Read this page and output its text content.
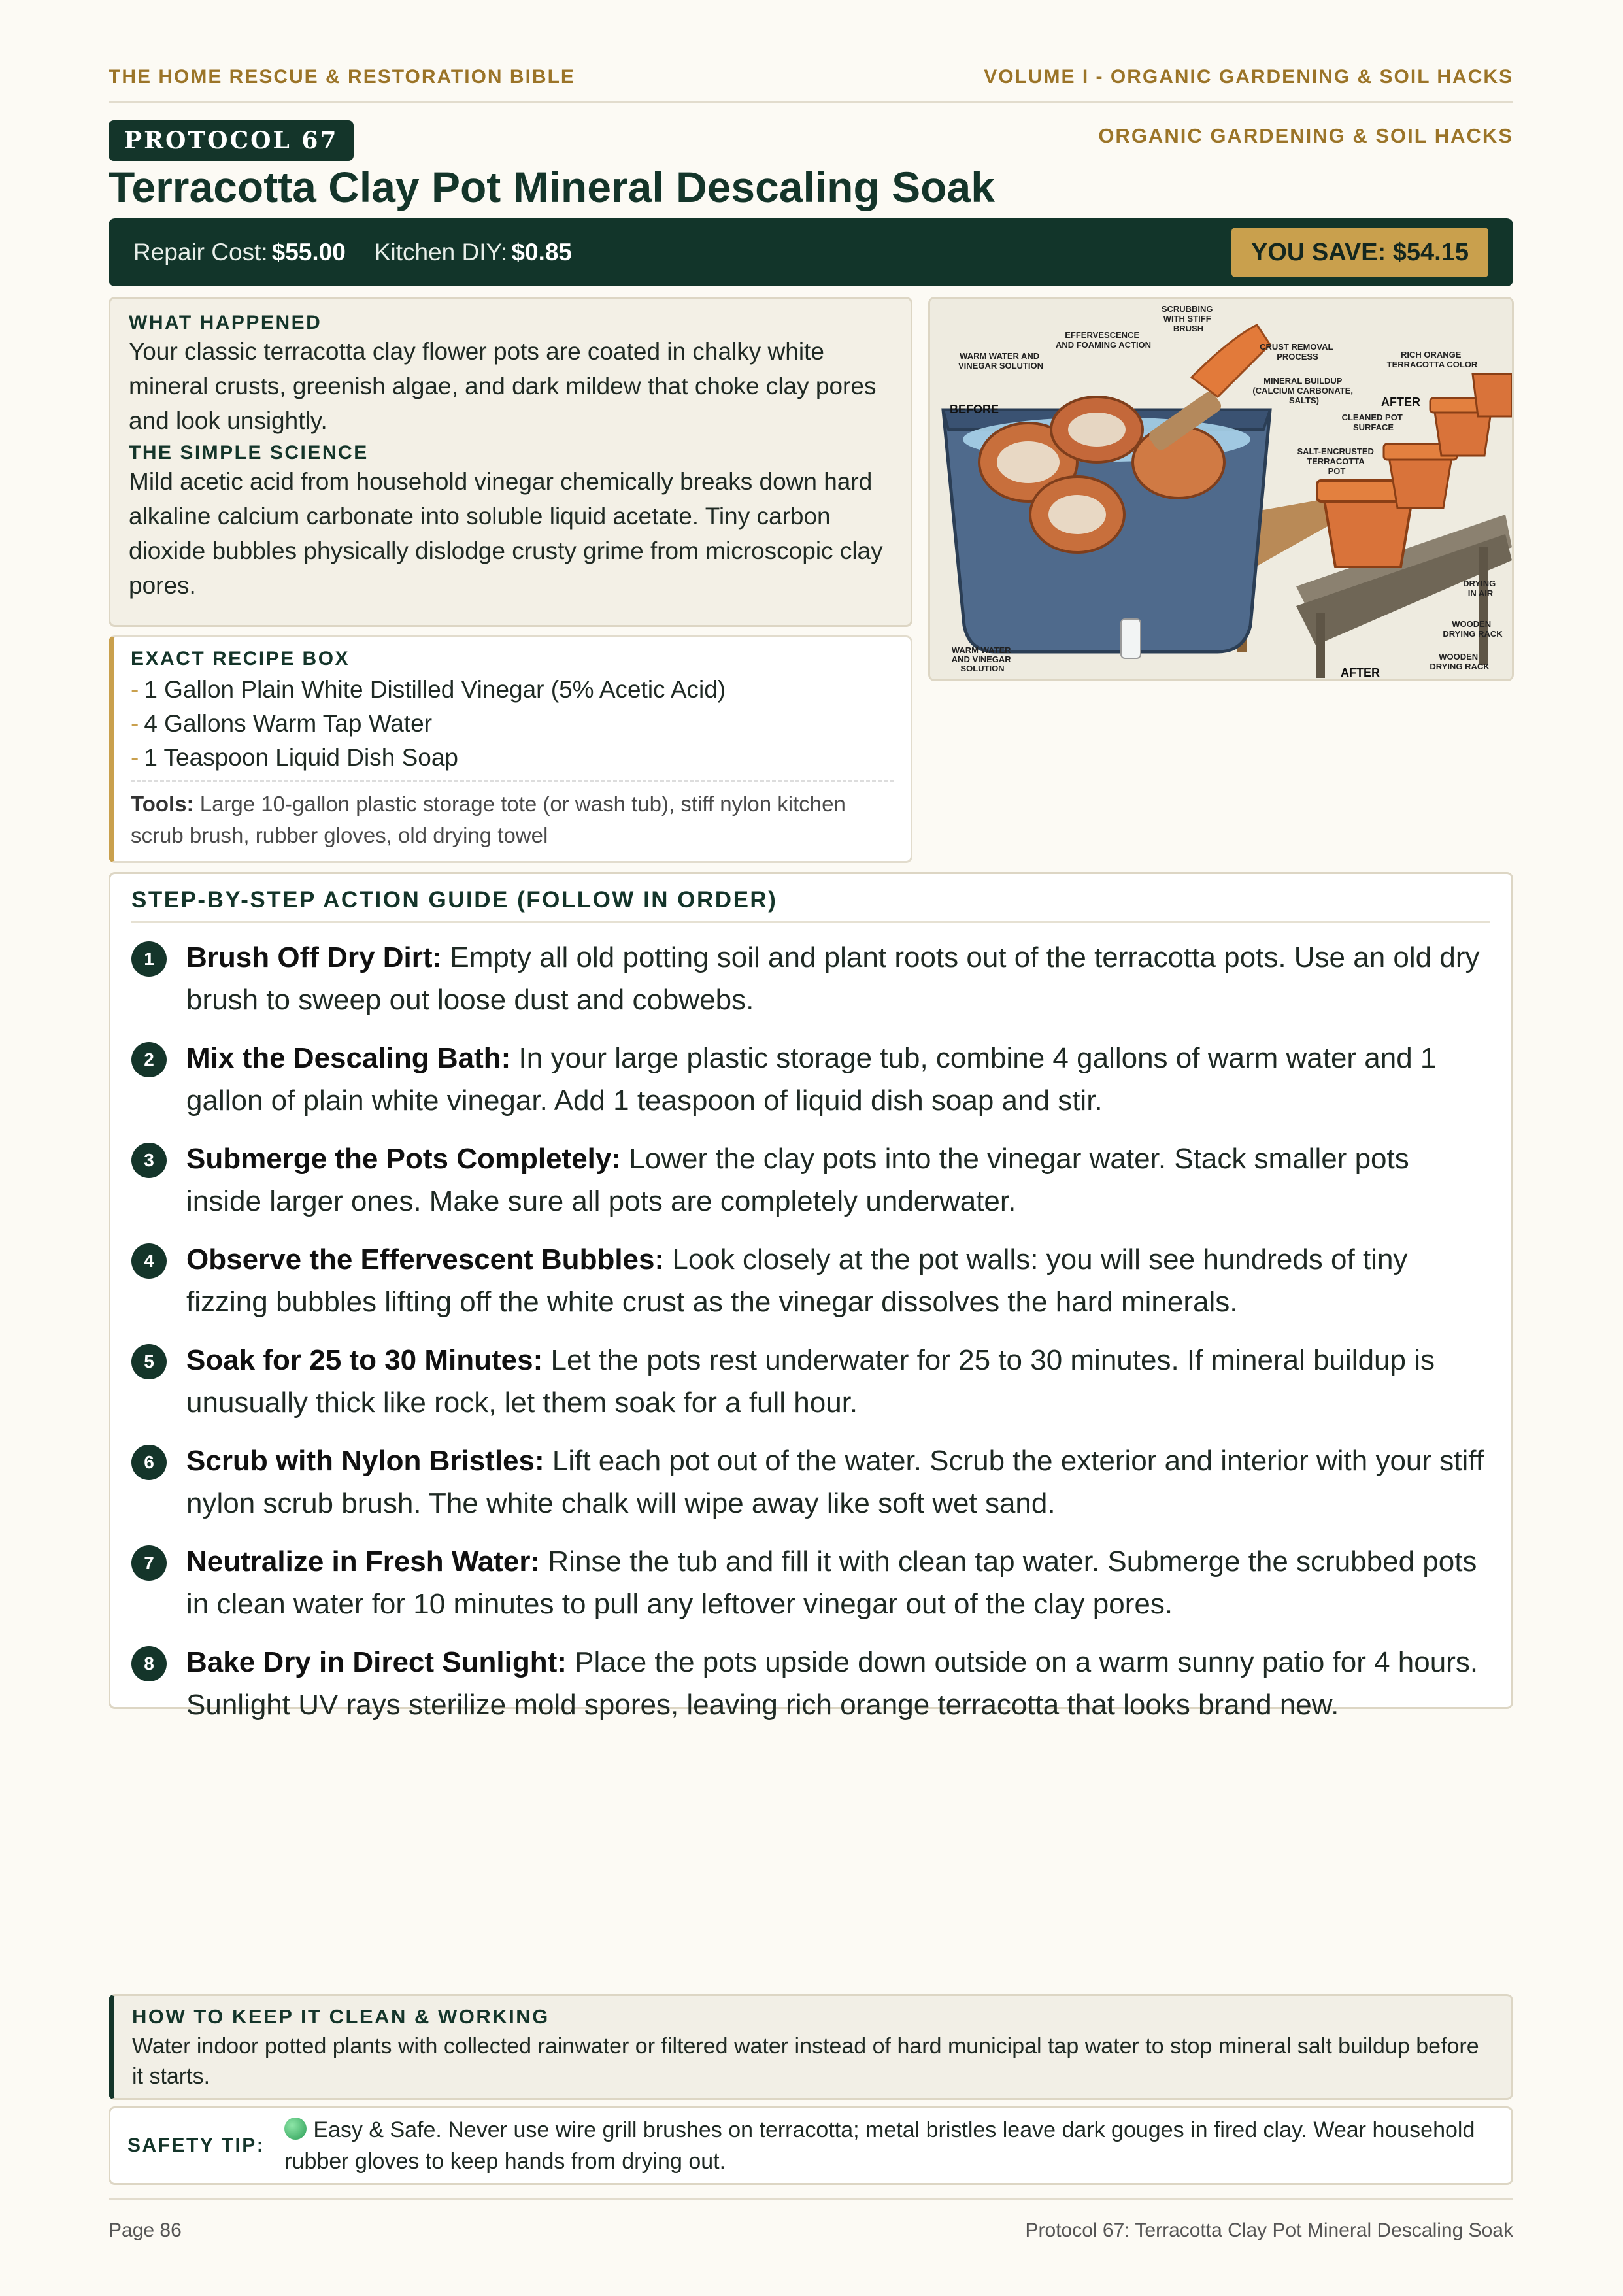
THE HOME RESCUE & RESTORATION BIBLE	VOLUME I - ORGANIC GARDENING & SOIL HACKS
PROTOCOL 67	ORGANIC GARDENING & SOIL HACKS
Terracotta Clay Pot Mineral Descaling Soak
Repair Cost: $55.00 Kitchen DIY: $0.85	YOU SAVE: $54.15
WHAT HAPPENED

Your classic terracotta clay flower pots are coated in chalky white mineral crusts, greenish algae, and dark mildew that choke clay pores and look unsightly.

THE SIMPLE SCIENCE

Mild acetic acid from household vinegar chemically breaks down hard alkaline calcium carbonate into soluble liquid acetate. Tiny carbon dioxide bubbles physically dislodge crusty grime from microscopic clay pores.

SCRUBBING WITH STIFF BRUSH
EFFERVESCENCE AND FOAMING ACTION
WARM WATER AND VINEGAR SOLUTION
CRUST REMOVAL PROCESS	RICH ORANGE TERRACOTTA COLOR
MINERAL BUILDUP (CALCIUM CARBONATE, SALTS)
BEFORE
AFTER
CLEANED POT SURFACE
SALT-ENCRUSTED TERRACOTTA POT
DRYING IN AIR
WOODEN DRYING RACK
WOODEN DRYING RACK
WARM WATER AND VINEGAR SOLUTION	AFTER
EXACT RECIPE BOX
- 1 Gallon Plain White Distilled Vinegar (5% Acetic Acid)
- 4 Gallons Warm Tap Water
- 1 Teaspoon Liquid Dish Soap

Tools: Large 10-gallon plastic storage tote (or wash tub), stiff nylon kitchen scrub brush, rubber gloves, old drying towel

STEP-BY-STEP ACTION GUIDE (FOLLOW IN ORDER)
1	Brush Off Dry Dirt: Empty all old potting soil and plant roots out of the terracotta pots. Use an old dry brush to sweep out loose dust and cobwebs.

2	Mix the Descaling Bath: In your large plastic storage tub, combine 4 gallons of warm water and 1 gallon of plain white vinegar. Add 1 teaspoon of liquid dish soap and stir.

3	Submerge the Pots Completely: Lower the clay pots into the vinegar water. Stack smaller pots inside larger ones. Make sure all pots are completely underwater.

4	Observe the Effervescent Bubbles: Look closely at the pot walls: you will see hundreds of tiny fizzing bubbles lifting off the white crust as the vinegar dissolves the hard minerals.

5	Soak for 25 to 30 Minutes: Let the pots rest underwater for 25 to 30 minutes. If mineral buildup is unusually thick like rock, let them soak for a full hour.

6	Scrub with Nylon Bristles: Lift each pot out of the water. Scrub the exterior and interior with your stiff nylon scrub brush. The white chalk will wipe away like soft wet sand.

7	Neutralize in Fresh Water: Rinse the tub and fill it with clean tap water. Submerge the scrubbed pots in clean water for 10 minutes to pull any leftover vinegar out of the clay pores.

8	Bake Dry in Direct Sunlight: Place the pots upside down outside on a warm sunny patio for 4 hours. Sunlight UV rays sterilize mold spores, leaving rich orange terracotta that looks brand new.

HOW TO KEEP IT CLEAN & WORKING

Water indoor potted plants with collected rainwater or filtered water instead of hard municipal tap water to stop mineral salt buildup before it starts.

SAFETY TIP:

Easy & Safe. Never use wire grill brushes on terracotta; metal bristles leave dark gouges in fired clay. Wear household rubber gloves to keep hands from drying out.

Page 86	Protocol 67: Terracotta Clay Pot Mineral Descaling Soak
